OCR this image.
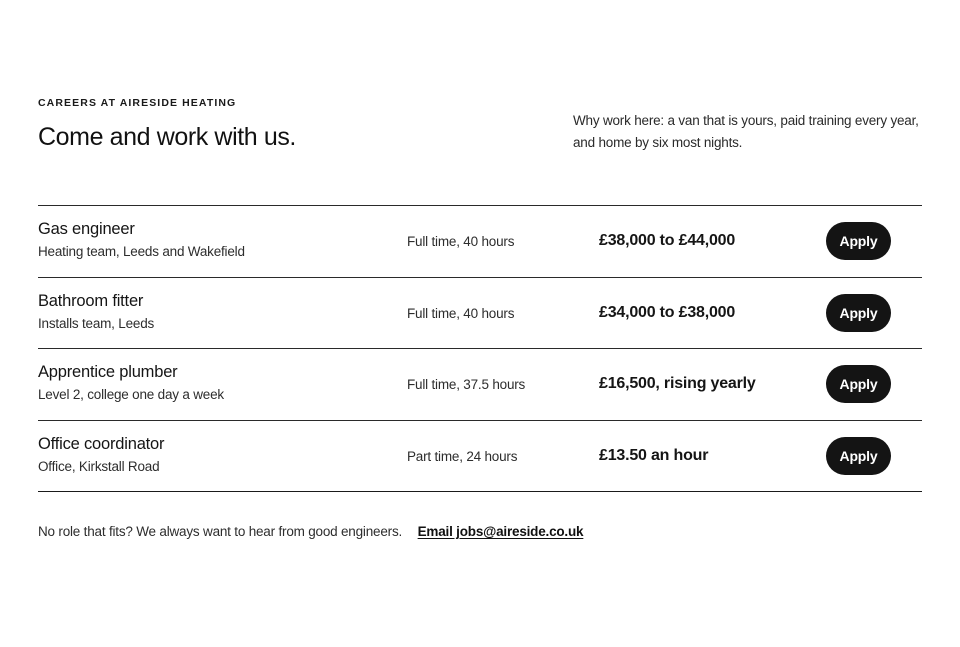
CAREERS AT AIRESIDE HEATING
Come and work with us.

Why work here: a van that is yours, paid training every year, and home by six most nights.

Gas engineer
Heating team, Leeds and Wakefield
Full time, 40 hours	£38,000 to £44,000	Apply
Bathroom fitter
Installs team, Leeds
Full time, 40 hours	£34,000 to £38,000	Apply
Apprentice plumber
Level 2, college one day a week
Full time, 37.5 hours	£16,500, rising yearly	Apply
Office coordinator
Office, Kirkstall Road
Part time, 24 hours	£13.50 an hour	Apply
No role that fits? We always want to hear from good engineers. Email jobs@aireside.co.uk
